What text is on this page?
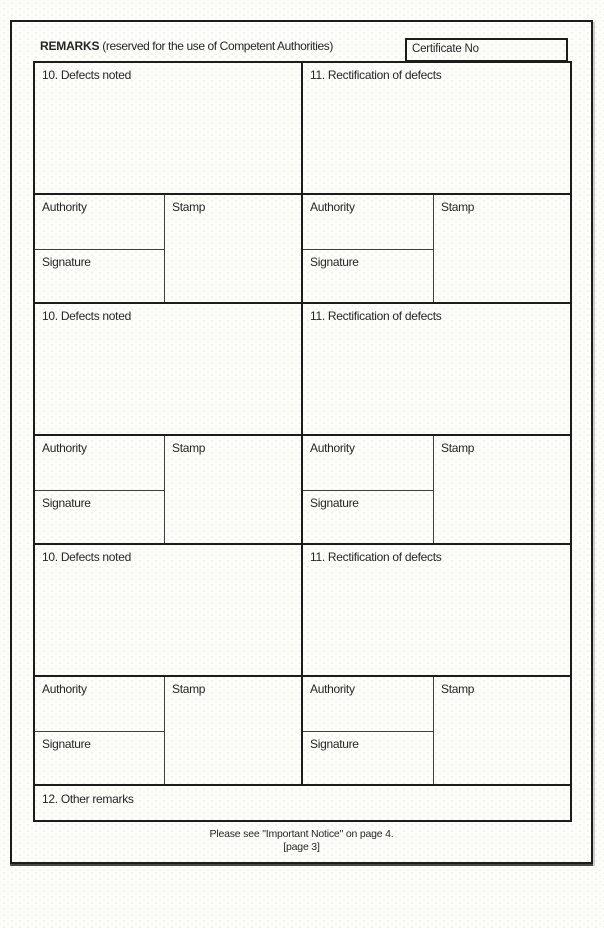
REMARKS (reserved for the use of Competent Authorities)	Certificate No
10. Defects noted	11. Rectification of defects
Authority	Stamp	Authority	Stamp
Signature	Signature
10. Defects noted	11. Rectification of defects
Authority	Stamp	Authority	Stamp
Signature	Signature
10. Defects noted	11. Rectification of defects
Authority	Stamp	Authority	Stamp
Signature	Signature
12. Other remarks
Please see "Important Notice" on page 4.
[page 3]
